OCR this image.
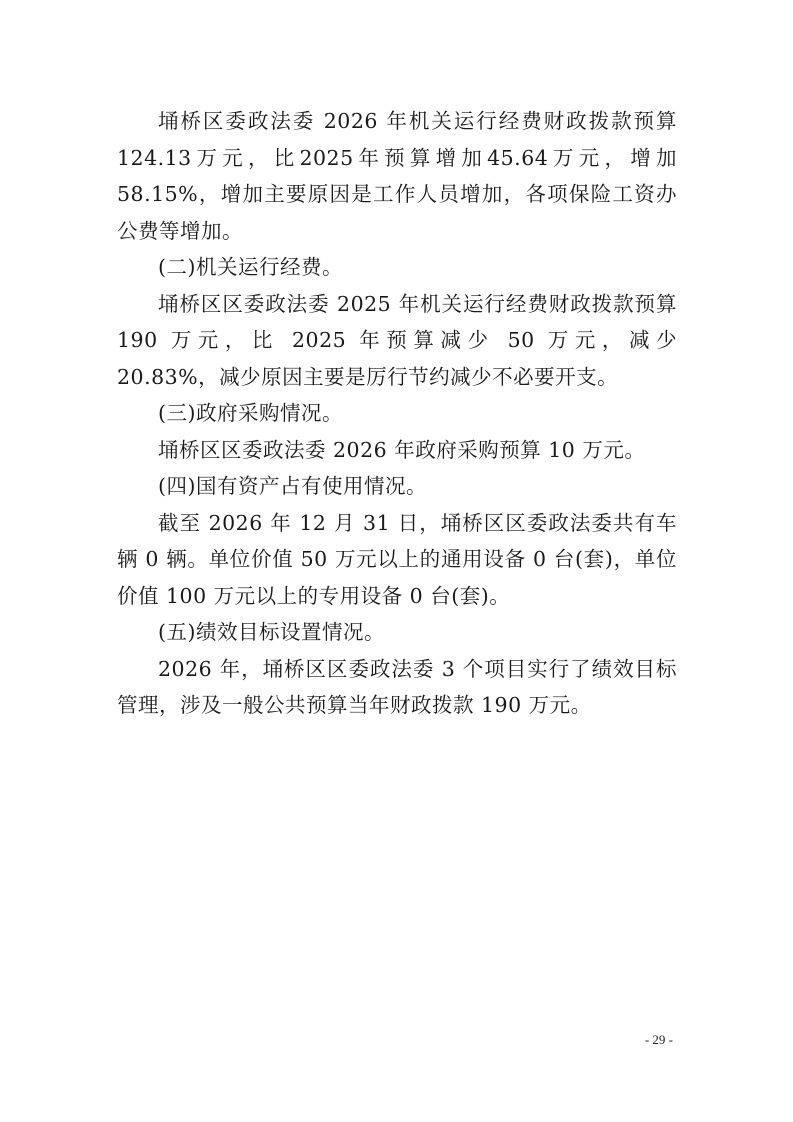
埇桥区委政法委 2026 年机关运行经费财政拨款预算 124.13万元，比2025年预算增加45.64万元，增加58.15%，增加主要原因是工作人员增加，各项保险工资办公费等增加。

(二)机关运行经费。

埇桥区区委政法委 2025 年机关运行经费财政拨款预算 190 万元，比 2025 年预算减少 50 万元，减少 20.83%，减少原因主要是厉行节约减少不必要开支。

(三)政府采购情况。

埇桥区区委政法委 2026 年政府采购预算 10 万元。

(四)国有资产占有使用情况。

截至 2026 年 12 月 31 日，埇桥区区委政法委共有车辆 0 辆。单位价值 50 万元以上的通用设备 0 台(套)，单位价值 100 万元以上的专用设备 0 台(套)。

(五)绩效目标设置情况。

2026 年，埇桥区区委政法委 3 个项目实行了绩效目标管理，涉及一般公共预算当年财政拨款 190 万元。

- 29 -
